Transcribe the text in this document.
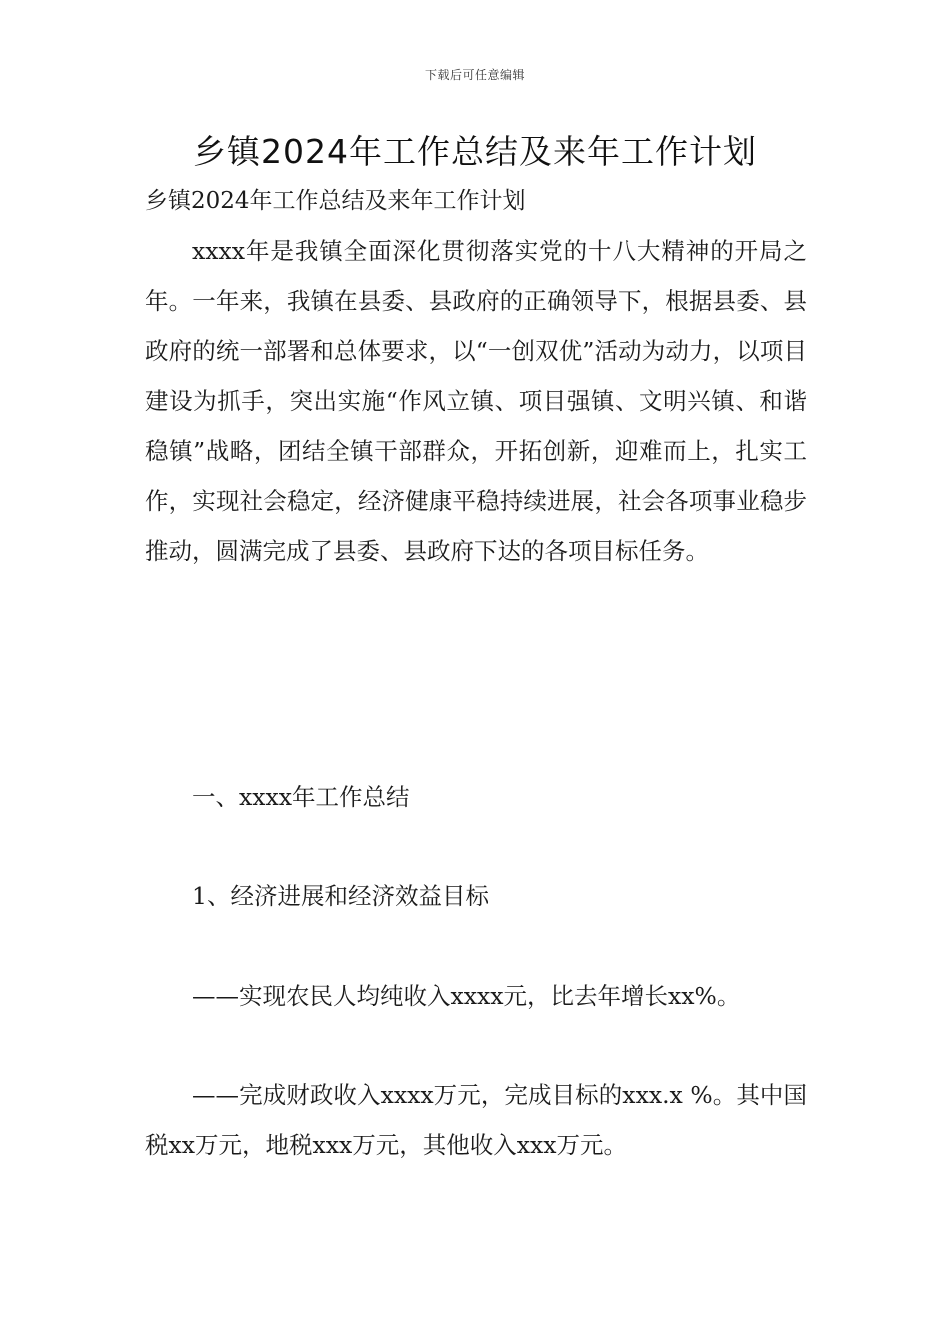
下载后可任意编辑
乡镇2024年工作总结及来年工作计划

乡镇2024年工作总结及来年工作计划

xxxx年是我镇全面深化贯彻落实党的十八大精神的开局之年。一年来，我镇在县委、县政府的正确领导下，根据县委、县政府的统一部署和总体要求，以“一创双优”活动为动力，以项目建设为抓手，突出实施“作风立镇、项目强镇、文明兴镇、和谐稳镇”战略，团结全镇干部群众，开拓创新，迎难而上，扎实工作，实现社会稳定，经济健康平稳持续进展，社会各项事业稳步推动，圆满完成了县委、县政府下达的各项目标任务。

一、xxxx年工作总结

1、经济进展和经济效益目标

——实现农民人均纯收入xxxx元，比去年增长xx%。

——完成财政收入xxxx万元，完成目标的xxx.x %。其中国税xx万元，地税xxx万元，其他收入xxx万元。
